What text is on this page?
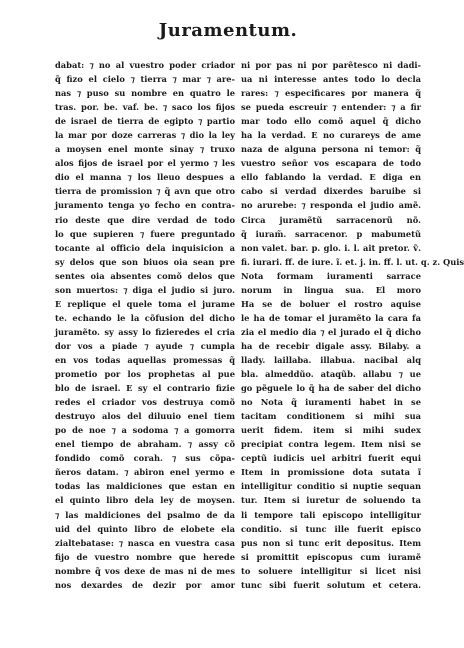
Juramentum.
dabat: ⁊ no al vuestro poder criador
q̃ fizo el cielo ⁊ tierra ⁊ mar ⁊ are-
nas ⁊ puso su nombre en quatro le
tras. por. be. vaf. be. ⁊ saco los fijos
de israel de tierra de egipto ⁊ partio
la mar por doze carreras ⁊ dio la ley
a moysen enel monte sinay ⁊ truxo
alos fijos de israel por el yermo ⁊ les
dio el manna ⁊ los lleuo despues a
tierra de promission ⁊ q̃ avn que otro
juramento tenga yo fecho en contra-
rio deste que dire verdad de todo
lo que supieren ⁊ fuere preguntado
tocante al officio dela inquisicion a
sy delos que son biuos oia sean pre
sentes oia absentes comõ delos que
son muertos: ⁊ diga el judio si juro.
E replique el quele toma el jurame
te. echando le la cõfusion del dicho
juramẽto. sy assy lo fizieredes el cria
dor vos a piade ⁊ ayude ⁊ cumpla
en vos todas aquellas promessas q̃
prometio por los prophetas al pue
blo de israel. E sy el contrario fizie
redes el criador vos destruya comõ
destruyo alos del diluuio enel tiem
po de noe ⁊ a sodoma ⁊ a gomorra
enel tiempo de abraham. ⁊ assy cõ
fondido comõ corah. ⁊ sus cõpa-
ñeros datam. ⁊ abiron enel yermo e
todas las maldiciones que estan en
el quinto libro dela ley de moysen.
⁊ las maldiciones del psalmo de da
uid del quinto libro de elobete ela
zialtebatase: ⁊ nasca en vuestra casa
fijo de vuestro nombre que herede
nombre q̃ vos dexe de mas ni de mes
nos dexardes de dezir por amor
ni por pas ni por parẽtesco ni dadi-
ua ni interesse antes todo lo decla
rares: ⁊ especificares por manera q̃
se pueda escreuir ⁊ entender: ⁊ a fir
mar todo ello comõ aquel q̃ dicho
ha la verdad. E no curareys de ame
naza de alguna persona ni temor: q̃
vuestro señor vos escapara de todo
ello fablando la verdad. E diga en
cabo si verdad dixerdes baruibe si
no arurebe: ⁊ responda el judio amẽ.
Circa juramẽtũ sarracenorũ nõ.
q̃ iuram̃. sarracenor. p mabumetũ
non valet. bar. p. glo. i. l. ait pretor. ṽ.
fi. iurari. ff. de iure. ĩ. et. j. in. ff. l. ut. q. z. Quis
Nota formam iuramenti sarrace
norum in lingua sua. El moro
Ha se de boluer el rostro aquise
le ha de tomar el juramẽto la cara fa
zia el medio dia ⁊ el jurado el q̃ dicho
ha de recebir digale assy. Bilaby. a
llady. laillaba. illabua. nacibal alq
bla. almeddũo. ataqũb. allabu ⁊ ue
go pẽguele lo q̃ ha de saber del dicho
no Nota q̃ iuramenti habet in se
tacitam conditionem si mihi sua
uerit fidem. item si mihi sudex
precipiat contra legem. Item nisi se
ceptũ iudicis uel arbitri fuerit equi
Item in promissione dota sutata ĩ
intelligitur conditio si nuptie sequan
tur. Item si iuretur de soluendo ta
li tempore tali episcopo intelligitur
conditio. si tunc ille fuerit episco
pus non si tunc erit depositus. Item
si promittit episcopus cum iuramẽ
to soluere intelligitur si licet nisi
tunc sibi fuerit solutum et cetera.
